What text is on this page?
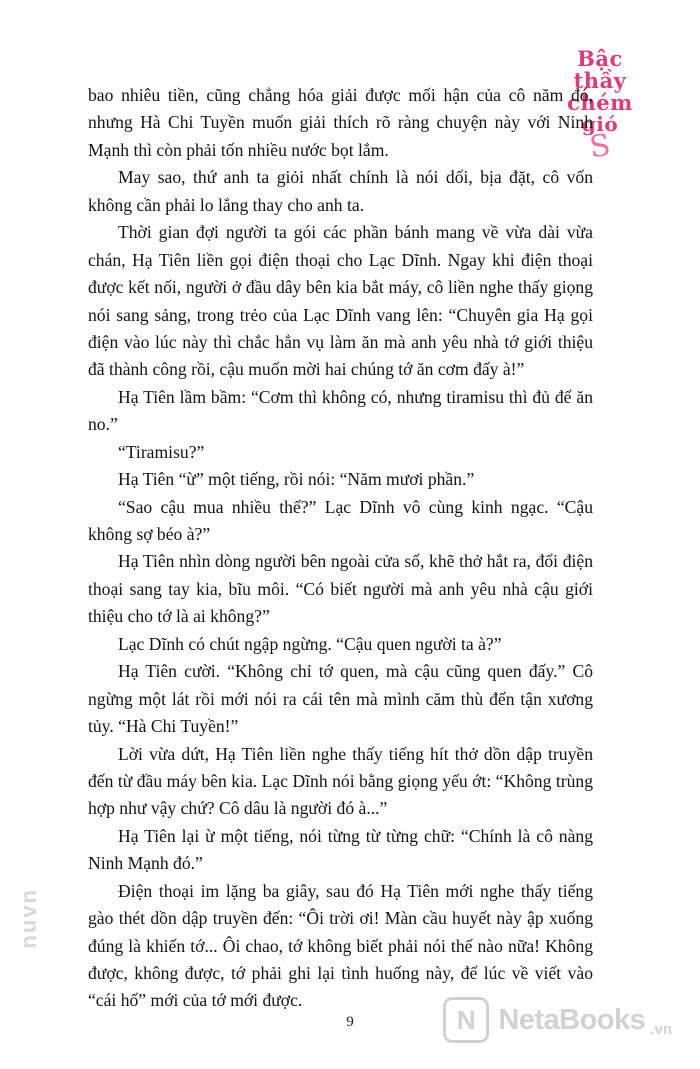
Bậc
thầy
chém
gió
S

bao nhiêu tiền, cũng chẳng hóa giải được mối hận của cô năm đó, nhưng Hà Chi Tuyền muốn giải thích rõ ràng chuyện này với Ninh Mạnh thì còn phải tốn nhiều nước bọt lắm.

May sao, thứ anh ta giỏi nhất chính là nói dối, bịa đặt, cô vốn không cần phải lo lắng thay cho anh ta.

Thời gian đợi người ta gói các phần bánh mang về vừa dài vừa chán, Hạ Tiên liền gọi điện thoại cho Lạc Dĩnh. Ngay khi điện thoại được kết nối, người ở đầu dây bên kia bắt máy, cô liền nghe thấy giọng nói sang sảng, trong trẻo của Lạc Dĩnh vang lên: “Chuyên gia Hạ gọi điện vào lúc này thì chắc hẳn vụ làm ăn mà anh yêu nhà tớ giới thiệu đã thành công rồi, cậu muốn mời hai chúng tớ ăn cơm đấy à!”

Hạ Tiên lầm bầm: “Cơm thì không có, nhưng tiramisu thì đủ để ăn no.”

“Tiramisu?”

Hạ Tiên “ừ” một tiếng, rồi nói: “Năm mươi phần.”

“Sao cậu mua nhiều thế?” Lạc Dĩnh vô cùng kinh ngạc. “Cậu không sợ béo à?”

Hạ Tiên nhìn dòng người bên ngoài cửa sổ, khẽ thở hắt ra, đổi điện thoại sang tay kia, bĩu môi. “Có biết người mà anh yêu nhà cậu giới thiệu cho tớ là ai không?”

Lạc Dĩnh có chút ngập ngừng. “Cậu quen người ta à?”

Hạ Tiên cười. “Không chỉ tớ quen, mà cậu cũng quen đấy.” Cô ngừng một lát rồi mới nói ra cái tên mà mình căm thù đến tận xương tủy. “Hà Chi Tuyền!”

Lời vừa dứt, Hạ Tiên liền nghe thấy tiếng hít thở dồn dập truyền đến từ đầu máy bên kia. Lạc Dĩnh nói bằng giọng yếu ớt: “Không trùng hợp như vậy chứ? Cô dâu là người đó à...”

Hạ Tiên lại ừ một tiếng, nói từng từ từng chữ: “Chính là cô nàng Ninh Mạnh đó.”

Điện thoại im lặng ba giây, sau đó Hạ Tiên mới nghe thấy tiếng gào thét dồn dập truyền đến: “Ôi trời ơi! Màn cầu huyết này ập xuống đúng là khiến tớ... Ôi chao, tớ không biết phải nói thế nào nữa! Không được, không được, tớ phải ghi lại tình huống này, để lúc về viết vào “cái hố” mới của tớ mới được.

9
nuvn
N NetaBooks .vn
